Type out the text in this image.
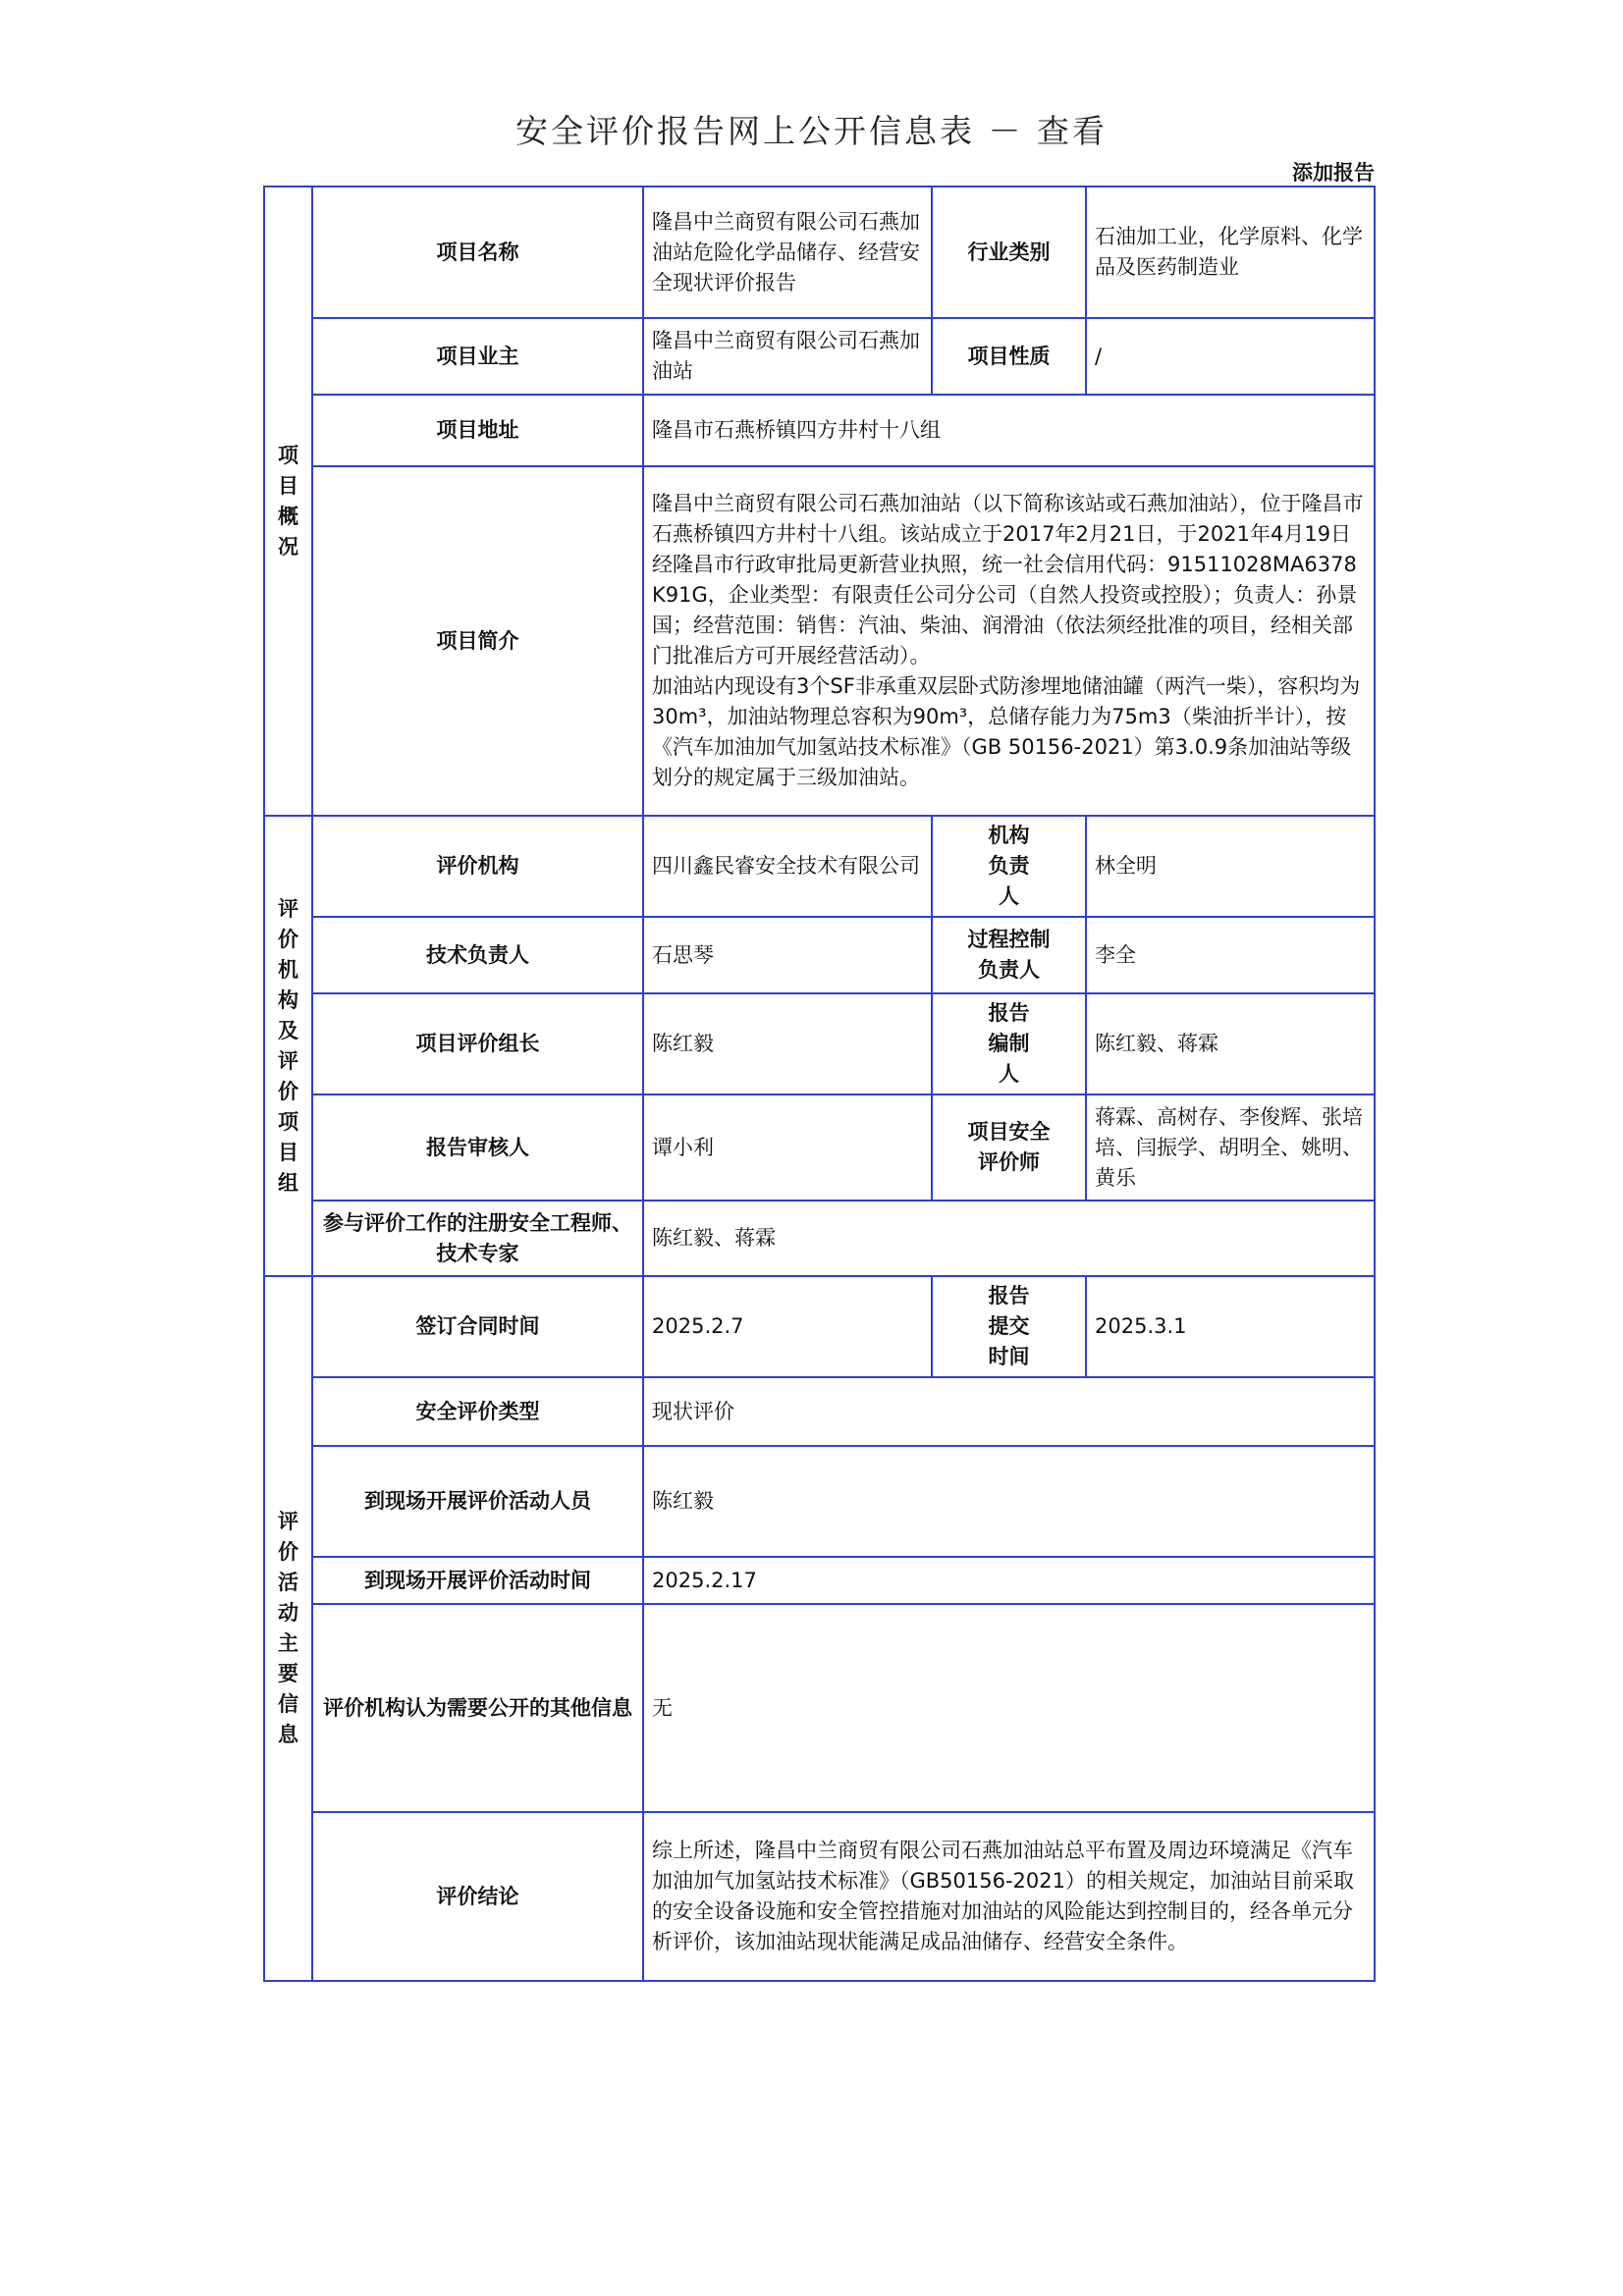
安全评价报告网上公开信息表 － 查看
添加报告
项目概况	项目名称	隆昌中兰商贸有限公司石燕加油站危险化学品储存、经营安全现状评价报告	行业类别	石油加工业，化学原料、化学品及医药制造业
	项目业主	隆昌中兰商贸有限公司石燕加油站	项目性质	/
	项目地址	隆昌市石燕桥镇四方井村十八组		
	项目简介	隆昌中兰商贸有限公司石燕加油站（以下简称该站或石燕加油站），位于隆昌市石燕桥镇四方井村十八组。该站成立于2017年2月21日，于2021年4月19日经隆昌市行政审批局更新营业执照，统一社会信用代码：91511028MA6378K91G，企业类型：有限责任公司分公司（自然人投资或控股）；负责人：孙景国；经营范围：销售：汽油、柴油、润滑油（依法须经批准的项目，经相关部门批准后方可开展经营活动）。
加油站内现设有3个SF非承重双层卧式防渗埋地储油罐（两汽一柴），容积均为30m³，加油站物理总容积为90m³，总储存能力为75m3（柴油折半计），按《汽车加油加气加氢站技术标准》（GB 50156-2021）第3.0.9条加油站等级划分的规定属于三级加油站。		

评价机构及评价项目组	评价机构	四川鑫民睿安全技术有限公司	机构负责人	林全明
	技术负责人	石思琴	过程控制负责人	李全
	项目评价组长	陈红毅	报告编制人	陈红毅、蒋霖
	报告审核人	谭小利	项目安全评价师	蒋霖、高树存、李俊辉、张培培、闫振学、胡明全、姚明、黄乐
	参与评价工作的注册安全工程师、技术专家	陈红毅、蒋霖		

评价活动主要信息	签订合同时间	2025.2.7	报告提交时间	2025.3.1
	安全评价类型	现状评价		
	到现场开展评价活动人员	陈红毅		
	到现场开展评价活动时间	2025.2.17		
	评价机构认为需要公开的其他信息	无		
	评价结论	综上所述，隆昌中兰商贸有限公司石燕加油站总平布置及周边环境满足《汽车加油加气加氢站技术标准》（GB50156-2021）的相关规定，加油站目前采取的安全设备设施和安全管控措施对加油站的风险能达到控制目的，经各单元分析评价，该加油站现状能满足成品油储存、经营安全条件。		
